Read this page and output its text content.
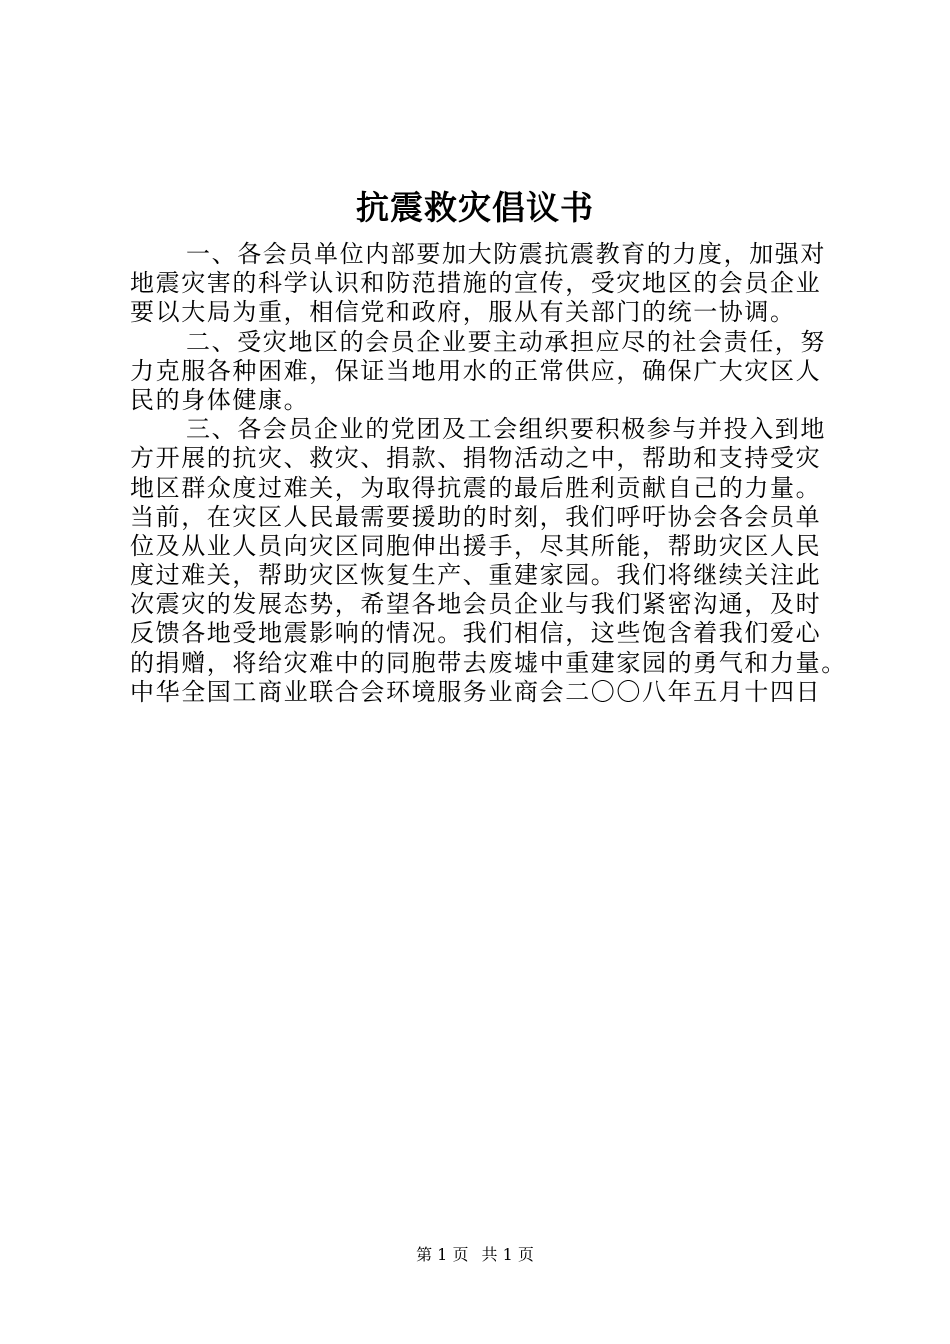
抗震救灾倡议书
一、各会员单位内部要加大防震抗震教育的力度，加强对
地震灾害的科学认识和防范措施的宣传，受灾地区的会员企业
要以大局为重，相信党和政府，服从有关部门的统一协调。
二、受灾地区的会员企业要主动承担应尽的社会责任，努
力克服各种困难，保证当地用水的正常供应，确保广大灾区人
民的身体健康。
三、各会员企业的党团及工会组织要积极参与并投入到地
方开展的抗灾、救灾、捐款、捐物活动之中，帮助和支持受灾
地区群众度过难关，为取得抗震的最后胜利贡献自己的力量。
当前，在灾区人民最需要援助的时刻，我们呼吁协会各会员单
位及从业人员向灾区同胞伸出援手，尽其所能，帮助灾区人民
度过难关，帮助灾区恢复生产、重建家园。我们将继续关注此
次震灾的发展态势，希望各地会员企业与我们紧密沟通，及时
反馈各地受地震影响的情况。我们相信，这些饱含着我们爱心
的捐赠，将给灾难中的同胞带去废墟中重建家园的勇气和力量。
中华全国工商业联合会环境服务业商会二〇〇八年五月十四日
第 1 页 共 1 页
